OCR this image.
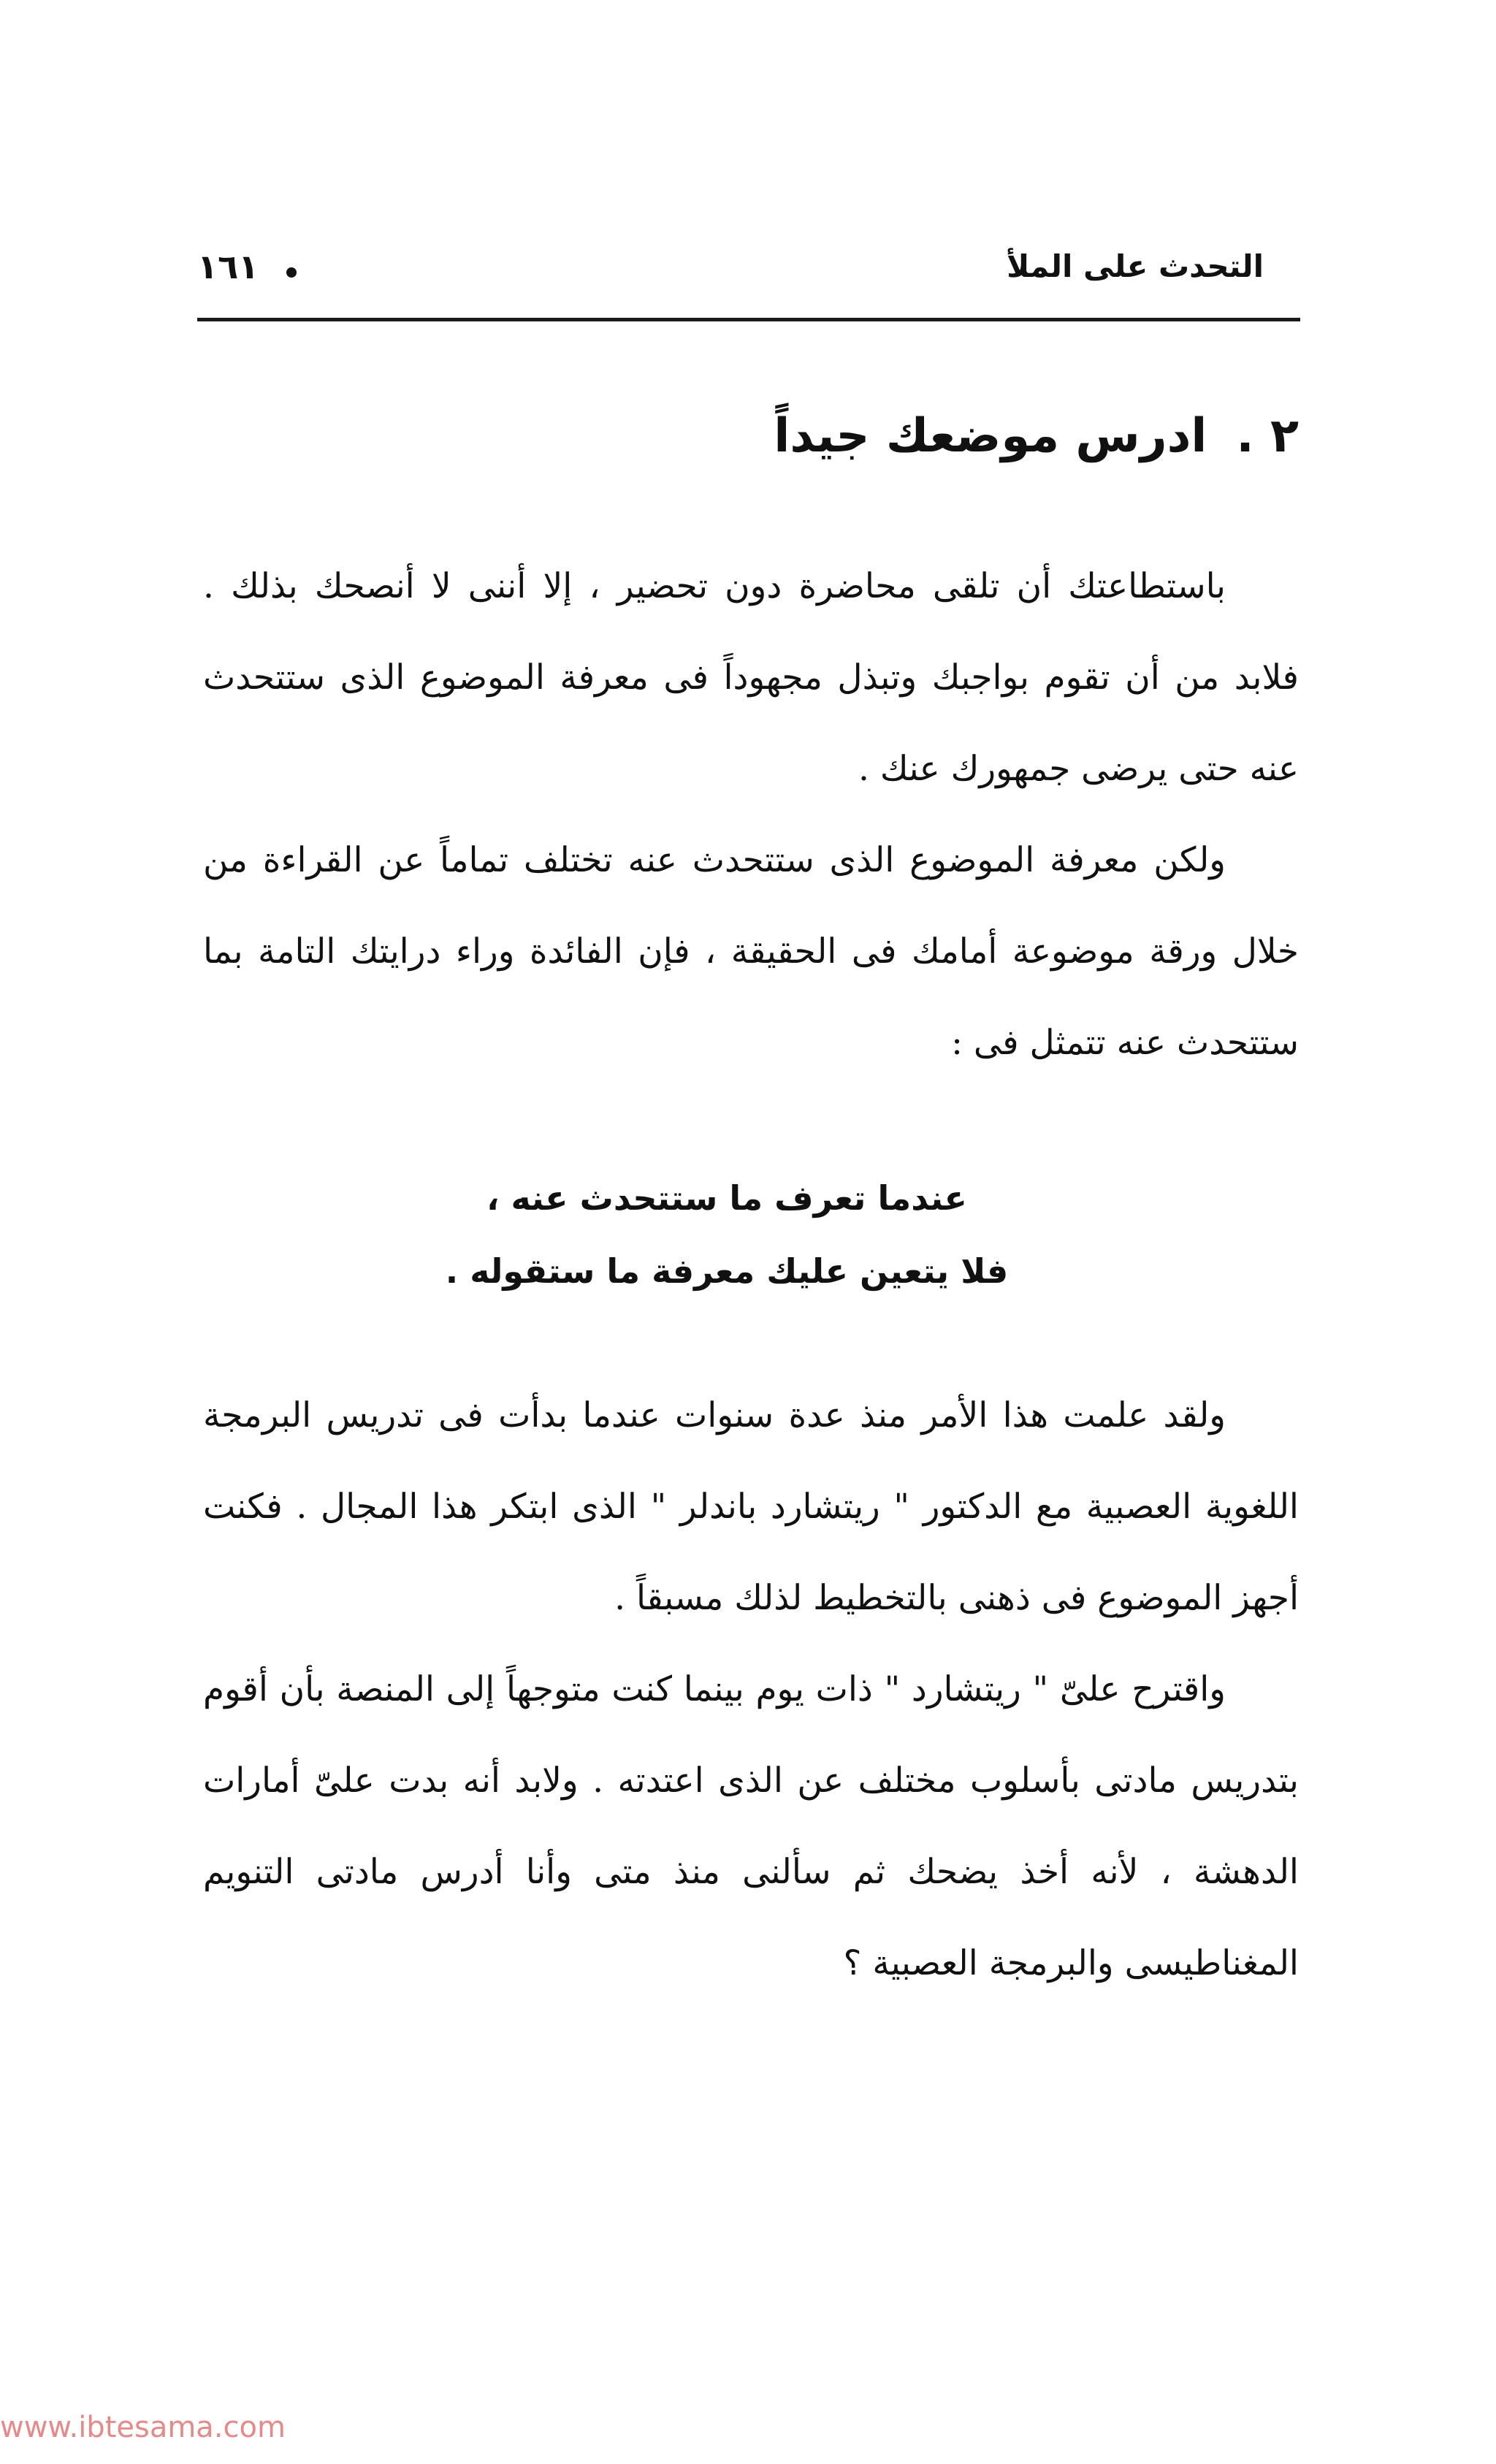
١٦١	التحدث على الملأ
٢ .ادرس موضعك جيداً

باستطاعتك أن تلقى محاضرة دون تحضير ، إلا أننى لا أنصحك بذلك . فلابد من أن تقوم بواجبك وتبذل مجهوداً فى معرفة الموضوع الذى ستتحدث عنه حتى يرضى جمهورك عنك .

ولكن معرفة الموضوع الذى ستتحدث عنه تختلف تماماً عن القراءة من خلال ورقة موضوعة أمامك فى الحقيقة ، فإن الفائدة وراء درايتك التامة بما ستتحدث عنه تتمثل فى :

عندما تعرف ما ستتحدث عنه ،
فلا يتعين عليك معرفة ما ستقوله .

ولقد علمت هذا الأمر منذ عدة سنوات عندما بدأت فى تدريس البرمجة اللغوية العصبية مع الدكتور " ريتشارد باندلر " الذى ابتكر هذا المجال . فكنت أجهز الموضوع فى ذهنى بالتخطيط لذلك مسبقاً .

واقترح علىّ " ريتشارد " ذات يوم بينما كنت متوجهاً إلى المنصة بأن أقوم بتدريس مادتى بأسلوب مختلف عن الذى اعتدته . ولابد أنه بدت علىّ أمارات الدهشة ، لأنه أخذ يضحك ثم سألنى منذ متى وأنا أدرس مادتى التنويم المغناطيسى والبرمجة العصبية ؟

www.ibtesama.com
